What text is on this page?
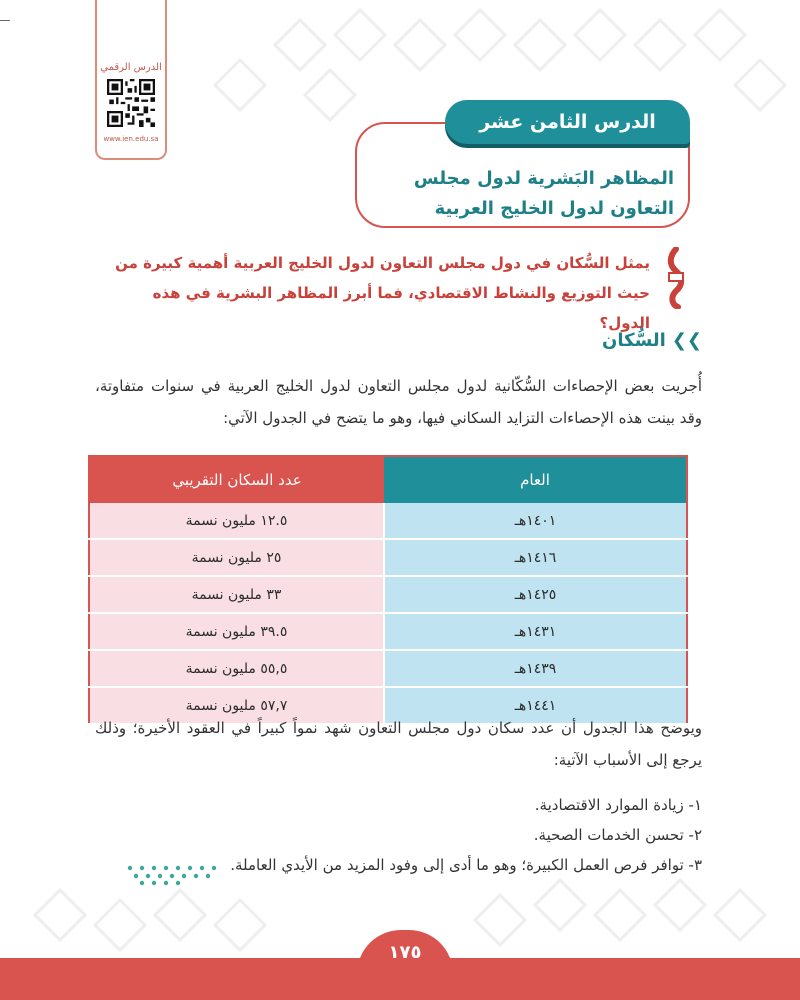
الدرس الرقمي
www.ien.edu.sa
المظاهر البَشرية لدول مجلس
التعاون لدول الخليج العربية
الدرس الثامن عشر
يمثل السُّكان في دول مجلس التعاون لدول الخليج العربية أهمية كبيرة من حيث التوزيع والنشاط الاقتصادي، فما أبرز المظاهر البشرية في هذه الدول؟
❯❯
السُّكان
أُجريت بعض الإحصاءات السُّكّانية لدول مجلس التعاون لدول الخليج العربية في سنوات متفاوتة، وقد بينت هذه الإحصاءات التزايد السكاني فيها، وهو ما يتضح في الجدول الآتي:
العام	عدد السكان التقريبي
١٤٠١هـ	١٢.٥ مليون نسمة
١٤١٦هـ	٢٥ مليون نسمة
١٤٢٥هـ	٣٣ مليون نسمة
١٤٣١هـ	٣٩.٥ مليون نسمة
١٤٣٩هـ	٥٥,٥ مليون نسمة
١٤٤١هـ	٥٧,٧ مليون نسمة
ويوضح هذا الجدول أن عدد سكان دول مجلس التعاون شهد نمواً كبيراً في العقود الأخيرة؛ وذلك يرجع إلى الأسباب الآتية:
١- زيادة الموارد الاقتصادية.
٢- تحسن الخدمات الصحية.
٣- توافر فرص العمل الكبيرة؛ وهو ما أدى إلى وفود المزيد من الأيدي العاملة.
١٧٥
